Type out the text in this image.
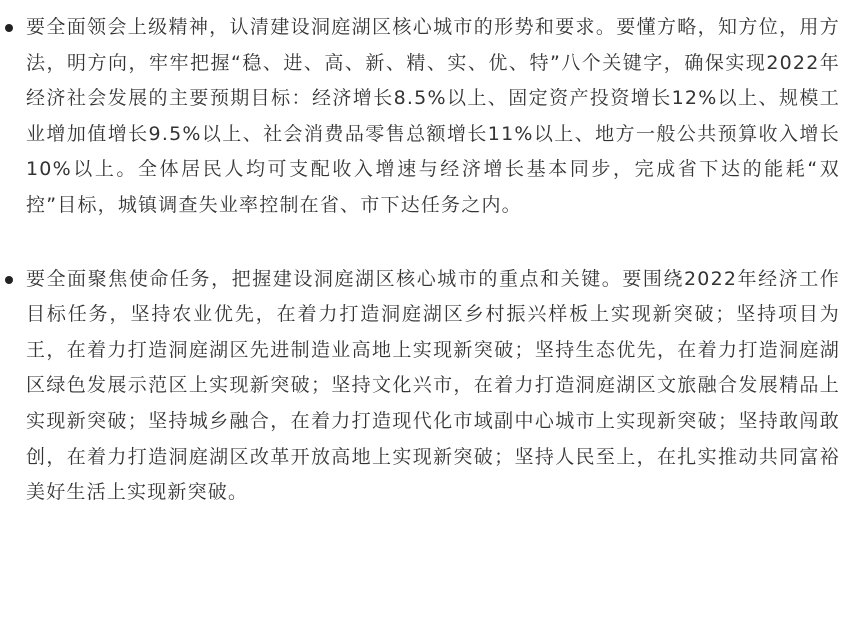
要全面领会上级精神，认清建设洞庭湖区核心城市的形势和要求。要懂方略，知方位，用方法，明方向，牢牢把握“稳、进、高、新、精、实、优、特”八个关键字，确保实现2022年经济社会发展的主要预期目标：经济增长8.5%以上、固定资产投资增长12%以上、规模工业增加值增长9.5%以上、社会消费品零售总额增长11%以上、地方一般公共预算收入增长10%以上。全体居民人均可支配收入增速与经济增长基本同步，完成省下达的能耗“双控”目标，城镇调查失业率控制在省、市下达任务之内。
要全面聚焦使命任务，把握建设洞庭湖区核心城市的重点和关键。要围绕2022年经济工作目标任务，坚持农业优先，在着力打造洞庭湖区乡村振兴样板上实现新突破；坚持项目为王，在着力打造洞庭湖区先进制造业高地上实现新突破；坚持生态优先，在着力打造洞庭湖区绿色发展示范区上实现新突破；坚持文化兴市，在着力打造洞庭湖区文旅融合发展精品上实现新突破；坚持城乡融合，在着力打造现代化市域副中心城市上实现新突破；坚持敢闯敢创，在着力打造洞庭湖区改革开放高地上实现新突破；坚持人民至上，在扎实推动共同富裕美好生活上实现新突破。
